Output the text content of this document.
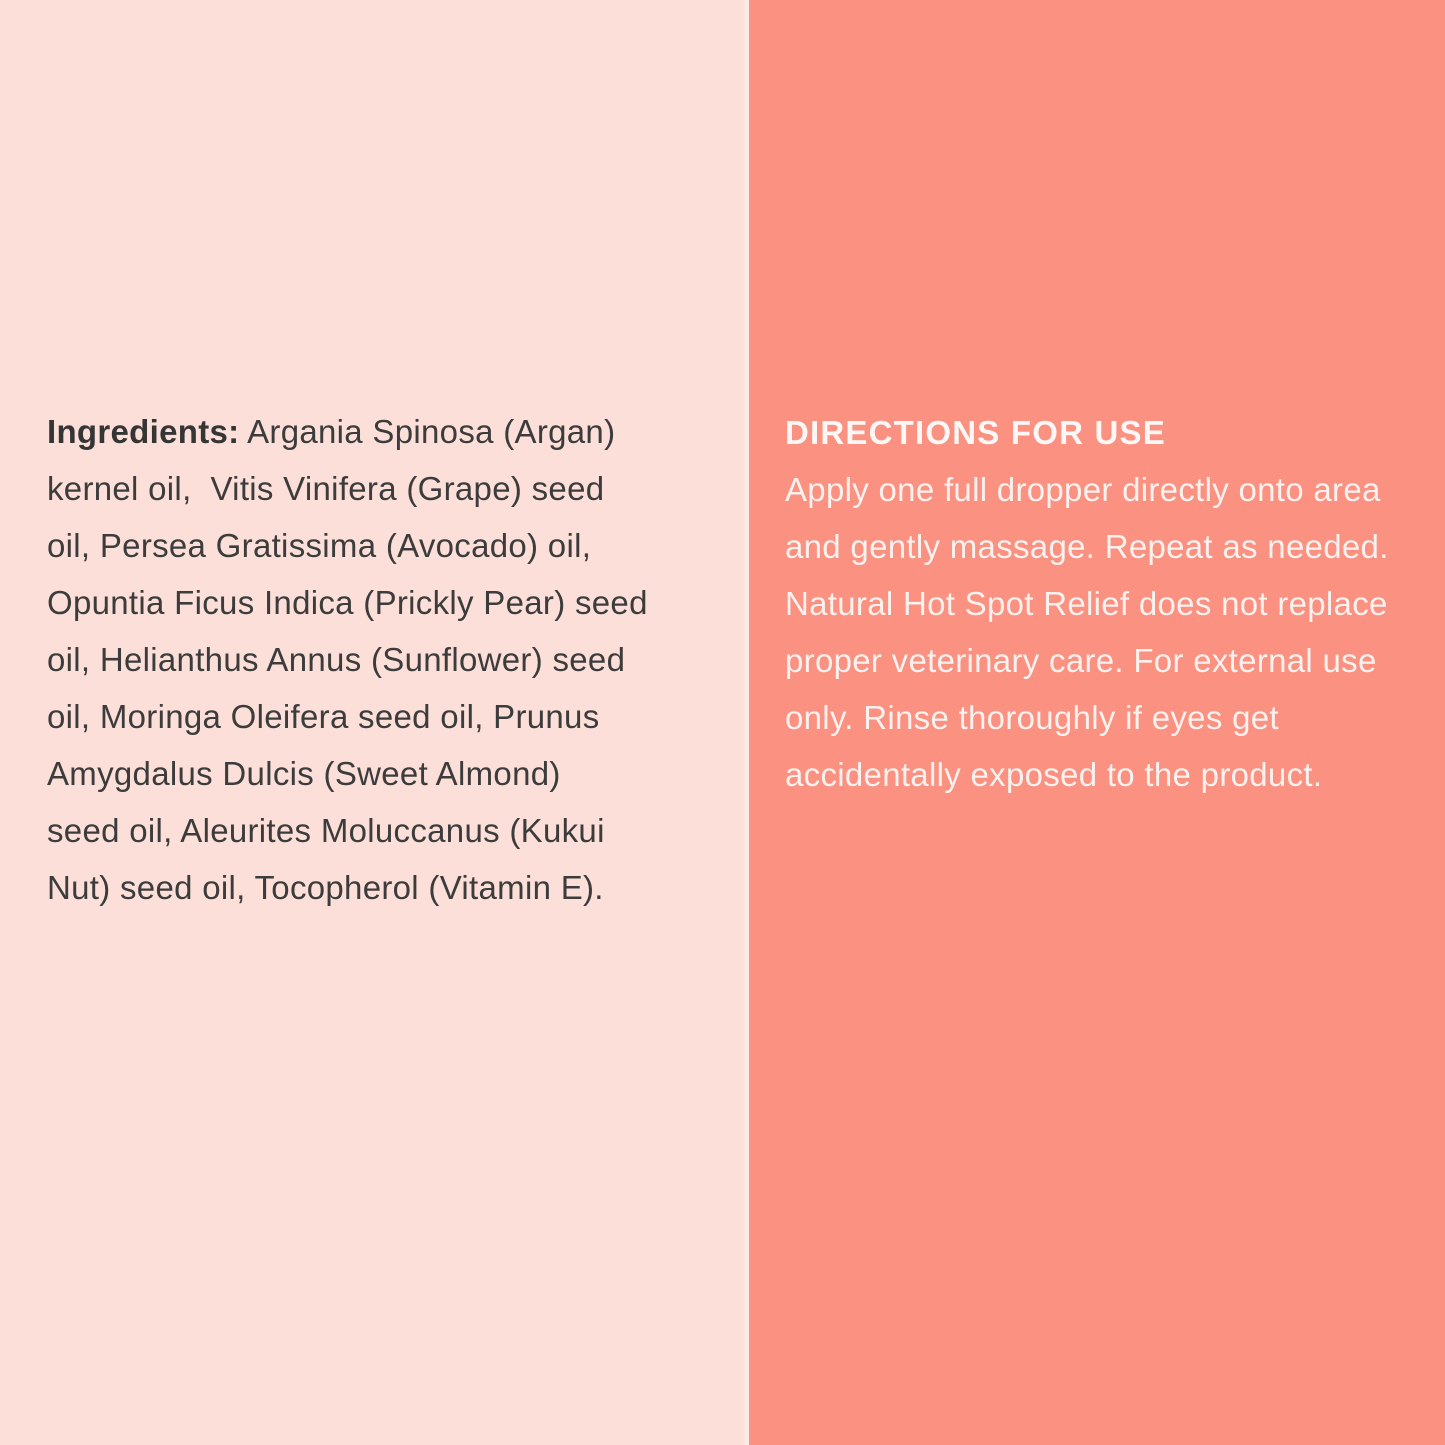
Ingredients: Argania Spinosa (Argan)
kernel oil,  Vitis Vinifera (Grape) seed
oil, Persea Gratissima (Avocado) oil,
Opuntia Ficus Indica (Prickly Pear) seed
oil, Helianthus Annus (Sunflower) seed
oil, Moringa Oleifera seed oil, Prunus
Amygdalus Dulcis (Sweet Almond)
seed oil, Aleurites Moluccanus (Kukui
Nut) seed oil, Tocopherol (Vitamin E).
DIRECTIONS FOR USE
Apply one full dropper directly onto area
and gently massage. Repeat as needed.
Natural Hot Spot Relief does not replace
proper veterinary care. For external use
only. Rinse thoroughly if eyes get
accidentally exposed to the product.
